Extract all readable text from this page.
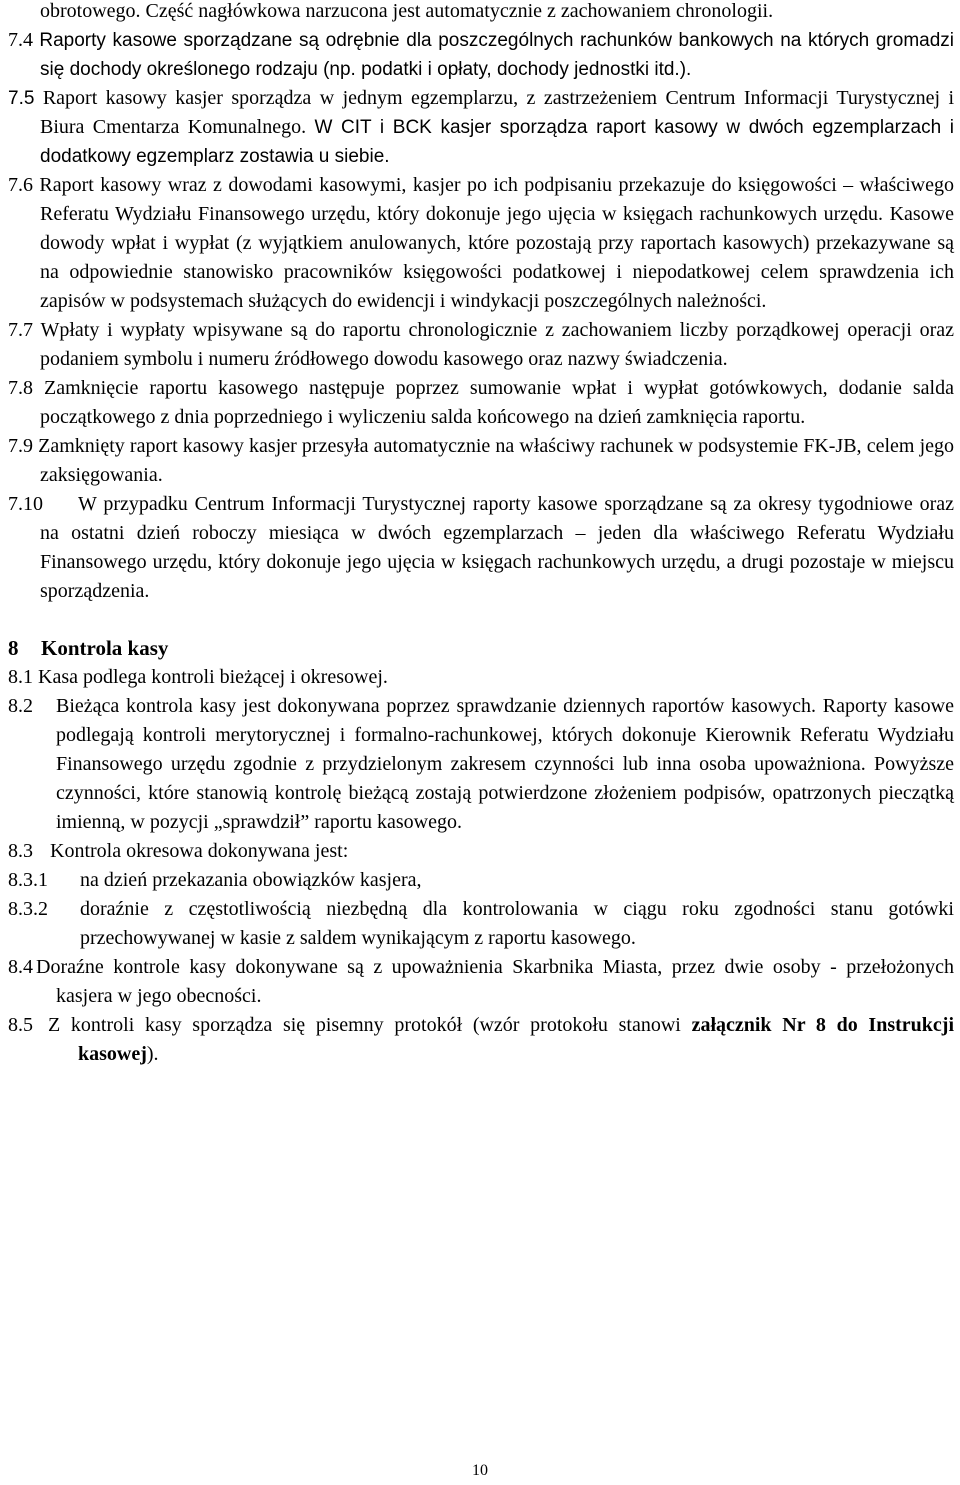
obrotowego. Część nagłówkowa narzucona jest automatycznie z zachowaniem chronologii.

7.4 Raporty kasowe sporządzane są odrębnie dla poszczególnych rachunków bankowych na których gromadzi się dochody określonego rodzaju (np. podatki i opłaty, dochody jednostki itd.).

7.5 Raport kasowy kasjer sporządza w jednym egzemplarzu, z zastrzeżeniem Centrum Informacji Turystycznej i Biura Cmentarza Komunalnego. W CIT i BCK kasjer sporządza raport kasowy w dwóch egzemplarzach i dodatkowy egzemplarz zostawia u siebie.

7.6 Raport kasowy wraz z dowodami kasowymi, kasjer po ich podpisaniu przekazuje do księgowości – właściwego Referatu Wydziału Finansowego urzędu, który dokonuje jego ujęcia w księgach rachunkowych urzędu. Kasowe dowody wpłat i wypłat (z wyjątkiem anulowanych, które pozostają przy raportach kasowych) przekazywane są na odpowiednie stanowisko pracowników księgowości podatkowej i niepodatkowej celem sprawdzenia ich zapisów w podsystemach służących do ewidencji i windykacji poszczególnych należności.

7.7 Wpłaty i wypłaty wpisywane są do raportu chronologicznie z zachowaniem liczby porządkowej operacji oraz podaniem symbolu i numeru źródłowego dowodu kasowego oraz nazwy świadczenia.

7.8 Zamknięcie raportu kasowego następuje poprzez sumowanie wpłat i wypłat gotówkowych, dodanie salda początkowego z dnia poprzedniego i wyliczeniu salda końcowego na dzień zamknięcia raportu.

7.9 Zamknięty raport kasowy kasjer przesyła automatycznie na właściwy rachunek w podsystemie FK-JB, celem jego zaksięgowania.

7.10 W przypadku Centrum Informacji Turystycznej raporty kasowe sporządzane są za okresy tygodniowe oraz na ostatni dzień roboczy miesiąca w dwóch egzemplarzach – jeden dla właściwego Referatu Wydziału Finansowego urzędu, który dokonuje jego ujęcia w księgach rachunkowych urzędu, a drugi pozostaje w miejscu sporządzenia.

8 Kontrola kasy

8.1 Kasa podlega kontroli bieżącej i okresowej.

8.2 Bieżąca kontrola kasy jest dokonywana poprzez sprawdzanie dziennych raportów kasowych. Raporty kasowe podlegają kontroli merytorycznej i formalno-rachunkowej, których dokonuje Kierownik Referatu Wydziału Finansowego urzędu zgodnie z przydzielonym zakresem czynności lub inna osoba upoważniona. Powyższe czynności, które stanowią kontrolę bieżącą zostają potwierdzone złożeniem podpisów, opatrzonych pieczątką imienną, w pozycji „sprawdził” raportu kasowego.

8.3 Kontrola okresowa dokonywana jest:

8.3.1 na dzień przekazania obowiązków kasjera,

8.3.2 doraźnie z częstotliwością niezbędną dla kontrolowania w ciągu roku zgodności stanu gotówki przechowywanej w kasie z saldem wynikającym z raportu kasowego.

8.4 Doraźne kontrole kasy dokonywane są z upoważnienia Skarbnika Miasta, przez dwie osoby - przełożonych kasjera w jego obecności.

8.5 Z kontroli kasy sporządza się pisemny protokół (wzór protokołu stanowi załącznik Nr 8 do Instrukcji kasowej).

10
